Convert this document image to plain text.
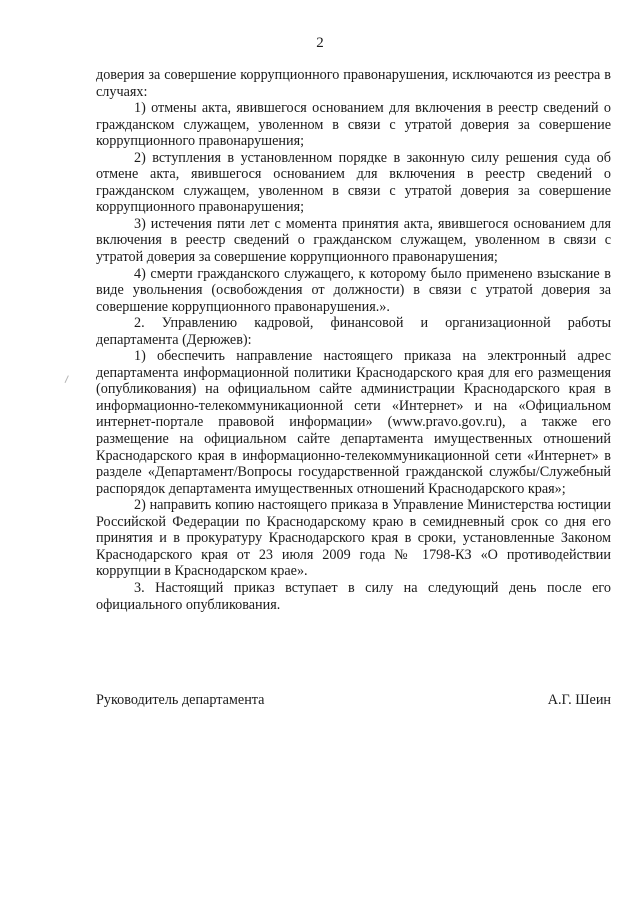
2

доверия за совершение коррупционного правонарушения, исключаются из реестра в случаях:

1) отмены акта, явившегося основанием для включения в реестр сведений о гражданском служащем, уволенном в связи с утратой доверия за совершение коррупционного правонарушения;

2) вступления в установленном порядке в законную силу решения суда об отмене акта, явившегося основанием для включения в реестр сведений о гражданском служащем, уволенном в связи с утратой доверия за совершение коррупционного правонарушения;

3) истечения пяти лет с момента принятия акта, явившегося основанием для включения в реестр сведений о гражданском служащем, уволенном в связи с утратой доверия за совершение коррупционного правонарушения;

4) смерти гражданского служащего, к которому было применено взыскание в виде увольнения (освобождения от должности) в связи с утратой доверия за совершение коррупционного правонарушения.».

2. Управлению кадровой, финансовой и организационной работы департамента (Дерюжев):

1) обеспечить направление настоящего приказа на электронный адрес департамента информационной политики Краснодарского края для его размещения (опубликования) на официальном сайте администрации Краснодарского края в информационно-телекоммуникационной сети «Интернет» и на «Официальном интернет-портале правовой информации» (www.pravo.gov.ru), а также его размещение на официальном сайте департамента имущественных отношений Краснодарского края в информационно-телекоммуникационной сети «Интернет» в разделе «Департамент/Вопросы государственной гражданской службы/Служебный распорядок департамента имущественных отношений Краснодарского края»;

2) направить копию настоящего приказа в Управление Министерства юстиции Российской Федерации по Краснодарскому краю в семидневный срок со дня его принятия и в прокуратуру Краснодарского края в сроки, установленные Законом Краснодарского края от 23 июля 2009 года № 1798-КЗ «О противодействии коррупции в Краснодарском крае».

3. Настоящий приказ вступает в силу на следующий день после его официального опубликования.

Руководитель департамента	А.Г. Шеин
